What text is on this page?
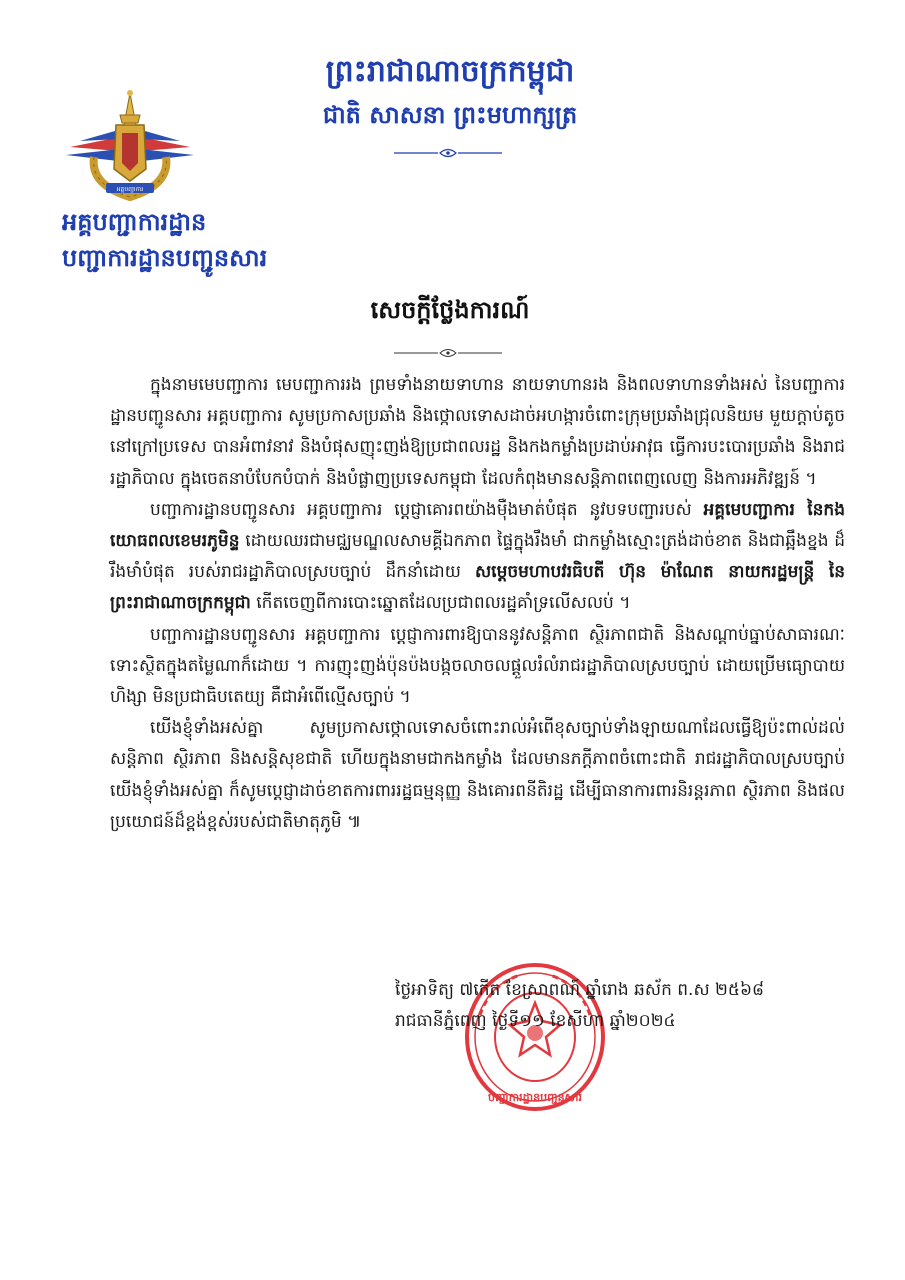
ព្រះរាជាណាចក្រកម្ពុជា
ជាតិ សាសនា ព្រះមហាក្សត្រ
អគ្គបញ្ជាការ
អគ្គបញ្ជាការដ្ឋាន
បញ្ជាការដ្ឋានបញ្ជូនសារ
សេចក្តីថ្លែងការណ៍

ក្នុងនាមមេបញ្ជាការ មេបញ្ជាការរង ព្រមទាំងនាយទាហាន នាយទាហានរង និងពលទាហានទាំងអស់ នៃបញ្ជាការដ្ឋានបញ្ជូនសារ អគ្គបញ្ជាការ សូមប្រកាសប្រឆាំង និងថ្កោលទោសដាច់អហង្ការចំពោះក្រុមប្រឆាំងជ្រុលនិយម មួយក្តាប់តូចនៅក្រៅប្រទេស បានអំពាវនាវ និងបំផុសញុះញង់ឱ្យប្រជាពលរដ្ឋ និងកងកម្លាំងប្រដាប់អាវុធ ធ្វើការបះបោរប្រឆាំង និងរាជរដ្ឋាភិបាល ក្នុងចេតនាបំបែកបំបាក់ និងបំផ្លាញប្រទេសកម្ពុជា ដែលកំពុងមានសន្តិភាពពេញលេញ និងការអភិវឌ្ឍន៍ ។

បញ្ជាការដ្ឋានបញ្ជូនសារ អគ្គបញ្ជាការ ប្តេជ្ញាគោរពយ៉ាងម៉ឺងមាត់បំផុត នូវបទបញ្ជារបស់ អគ្គមេបញ្ជាការ នៃកងយោធពលខេមរភូមិន្ទ ដោយឈរជាមជ្ឈមណ្ឌលសាមគ្គីឯកភាព ផ្ទៃក្នុងរឹងមាំ ជាកម្លាំងស្មោះត្រង់ដាច់ខាត និងជាឆ្អឹងខ្នង ដ៏រឹងមាំបំផុត របស់រាជរដ្ឋាភិបាលស្របច្បាប់ ដឹកនាំដោយ សម្តេចមហាបវរធិបតី ហ៊ុន ម៉ាណែត នាយករដ្ឋមន្ត្រី នៃព្រះរាជាណាចក្រកម្ពុជា កើតចេញពីការបោះឆ្នោតដែលប្រជាពលរដ្ឋគាំទ្រលើសលប់ ។

បញ្ជាការដ្ឋានបញ្ជូនសារ អគ្គបញ្ជាការ ប្តេជ្ញាការពារឱ្យបាននូវសន្តិភាព ស្ថិរភាពជាតិ និងសណ្តាប់ធ្នាប់សាធារណៈ ទោះស្ថិតក្នុងតម្លៃណាក៏ដោយ ។ ការញុះញង់ប៉ុនប៉ងបង្កចលាចលផ្តួលរំលំរាជរដ្ឋាភិបាលស្របច្បាប់ ដោយប្រើមធ្យោបាយហិង្សា មិនប្រជាធិបតេយ្យ គឺជាអំពើល្មើសច្បាប់ ។

យើងខ្ញុំទាំងអស់គ្នា សូមប្រកាសថ្កោលទោសចំពោះរាល់អំពើខុសច្បាប់ទាំងឡាយណាដែលធ្វើឱ្យប៉ះពាល់ដល់សន្តិភាព ស្ថិរភាព និងសន្តិសុខជាតិ ហើយក្នុងនាមជាកងកម្លាំង ដែលមានភក្តីភាពចំពោះជាតិ រាជរដ្ឋាភិបាលស្របច្បាប់ យើងខ្ញុំទាំងអស់គ្នា ក៏សូមប្តេជ្ញាដាច់ខាតការពាររដ្ឋធម្មនុញ្ញ និងគោរពនីតិរដ្ឋ ដើម្បីធានាការពារនិរន្តរភាព ស្ថិរភាព និងផលប្រយោជន៍ដ៏ខ្ពង់ខ្ពស់របស់ជាតិមាតុភូមិ ៕

បញ្ជាការដ្ឋានបញ្ជូនសារ
ថ្ងៃអាទិត្យ ៧កើត ខែស្រាពណ៍ ឆ្នាំរោង ឆស័ក ព.ស ២៥៦៨
រាជធានីភ្នំពេញ ថ្ងៃទី១១ ខែសីហា ឆ្នាំ២០២៤
